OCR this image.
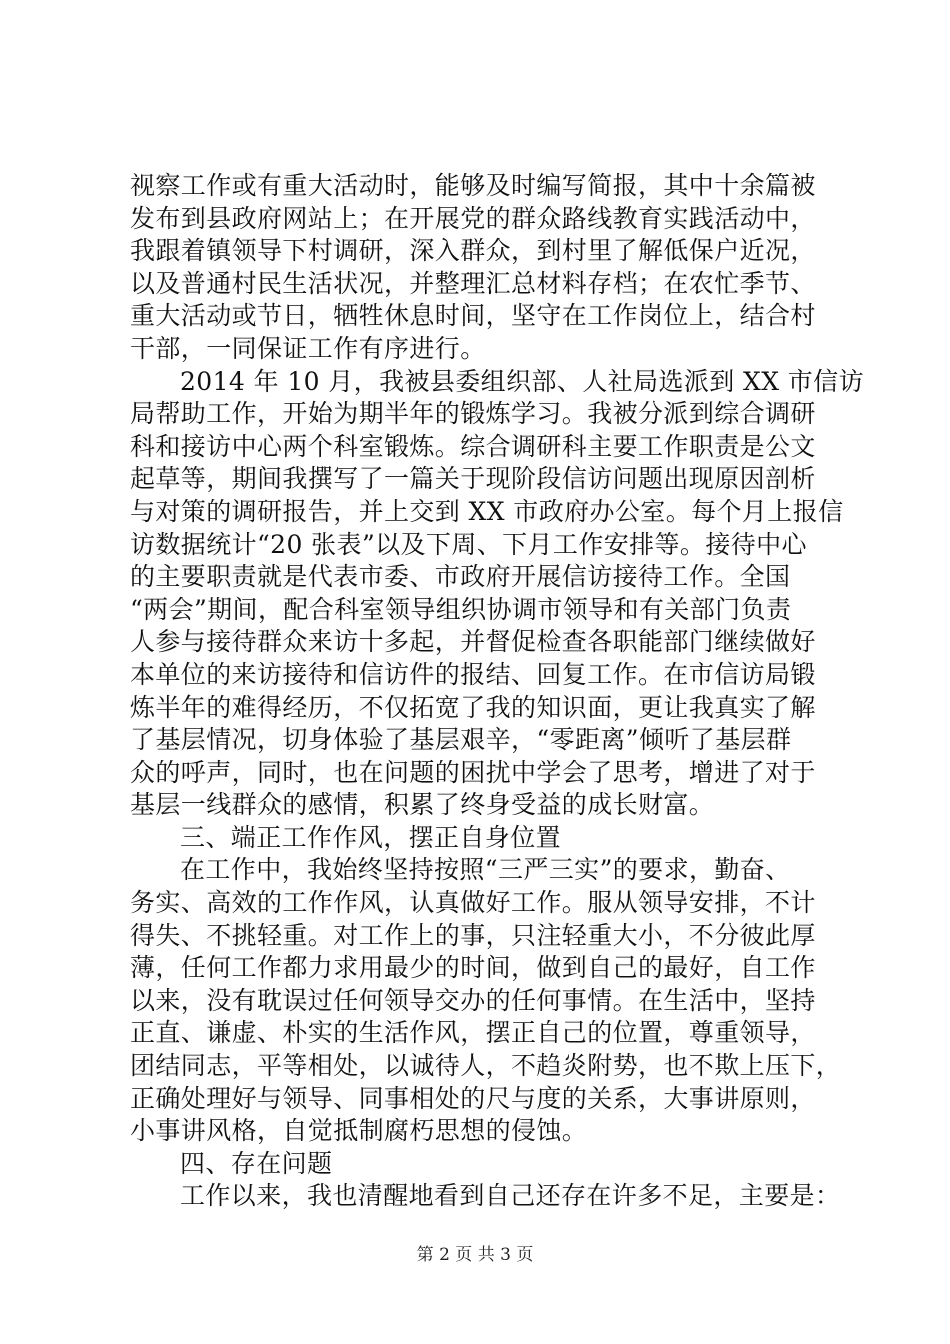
视察工作或有重大活动时，能够及时编写简报，其中十余篇被
发布到县政府网站上；在开展党的群众路线教育实践活动中，
我跟着镇领导下村调研，深入群众，到村里了解低保户近况，
以及普通村民生活状况，并整理汇总材料存档；在农忙季节、
重大活动或节日，牺牲休息时间，坚守在工作岗位上，结合村
干部，一同保证工作有序进行。
2014 年 10 月，我被县委组织部、人社局选派到 XX 市信访
局帮助工作，开始为期半年的锻炼学习。我被分派到综合调研
科和接访中心两个科室锻炼。综合调研科主要工作职责是公文
起草等，期间我撰写了一篇关于现阶段信访问题出现原因剖析
与对策的调研报告，并上交到 XX 市政府办公室。每个月上报信
访数据统计“20 张表”以及下周、下月工作安排等。接待中心
的主要职责就是代表市委、市政府开展信访接待工作。全国
“两会”期间，配合科室领导组织协调市领导和有关部门负责
人参与接待群众来访十多起，并督促检查各职能部门继续做好
本单位的来访接待和信访件的报结、回复工作。在市信访局锻
炼半年的难得经历，不仅拓宽了我的知识面，更让我真实了解
了基层情况，切身体验了基层艰辛，“零距离”倾听了基层群
众的呼声，同时，也在问题的困扰中学会了思考，增进了对于
基层一线群众的感情，积累了终身受益的成长财富。
三、端正工作作风，摆正自身位置
在工作中，我始终坚持按照“三严三实”的要求，勤奋、
务实、高效的工作作风，认真做好工作。服从领导安排，不计
得失、不挑轻重。对工作上的事，只注轻重大小，不分彼此厚
薄，任何工作都力求用最少的时间，做到自己的最好，自工作
以来，没有耽误过任何领导交办的任何事情。在生活中，坚持
正直、谦虚、朴实的生活作风，摆正自己的位置，尊重领导，
团结同志，平等相处，以诚待人，不趋炎附势，也不欺上压下，
正确处理好与领导、同事相处的尺与度的关系，大事讲原则，
小事讲风格，自觉抵制腐朽思想的侵蚀。
四、存在问题
工作以来，我也清醒地看到自己还存在许多不足，主要是：
第 2 页 共 3 页
